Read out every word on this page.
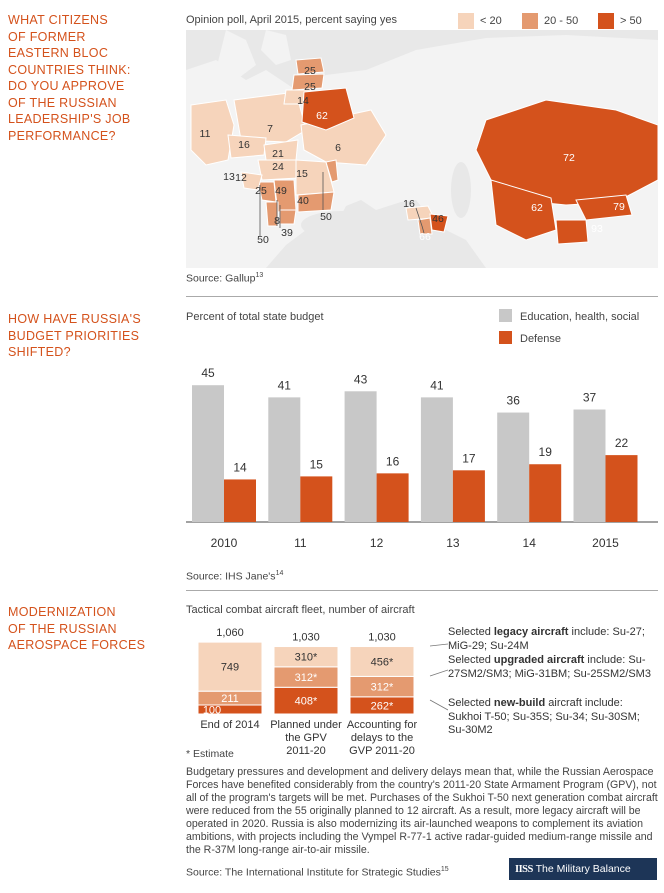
WHAT CITIZENS
OF FORMER
EASTERN BLOC
COUNTRIES THINK:
DO YOU APPROVE
OF THE RUSSIAN
LEADERSHIP'S JOB
PERFORMANCE?
Opinion poll, April 2015, percent saying yes	< 20	20 - 50	> 50
25
25
14
62
11	7
16
21
24
6
15
13 12
25 49
8
40
50
39
50
16
46
66
72
62	79
93
Source: Gallup$^{13}$
HOW HAVE RUSSIA'S
BUDGET PRIORITIES
SHIFTED?
Percent of total state budget	Education, health, social
Defense
45
14
2010
41
15
11
43
16
12
41
17
13
36
19
14
37
22
2015
Source: IHS $Jane's^{14}$
MODERNIZATION
OF THE RUSSIAN
AEROSPACE FORCES
Tactical combat aircraft fleet, number of aircraft
100
211
749
1,060
End of 2014
408*
312*
310*
1,030
Planned under
the GPV
2011-20
262*
312*
456*
1,030
Accounting for
delays to the
GVP 2011-20
Selected legacy aircraft include: Su-27; MiG-29; Su-24M
Selected upgraded aircraft include: Su-27SM2/SM3; MiG-31BM; Su-25SM2/SM3
Selected new-build aircraft include: Sukhoi T-50; Su-35S; Su-34; Su-30SM; Su-30M2
* Estimate
Budgetary pressures and development and delivery delays mean that, while the Russian Aerospace Forces have benefited considerably from the country's 2011-20 State Armament Program (GPV), not all of the program's targets will be met. Purchases of the Sukhoi T-50 next generation combat aircraft were reduced from the 55 originally planned to 12 aircraft. As a result, more legacy aircraft will be operated in 2020. Russia is also modernizing its air-launched weapons to complement its aviation ambitions, with projects including the Vympel R-77-1 active radar-guided medium-range missile and the R-37M long-range air-to-air missile.
Source: The International Institute for Strategic Studies$^{15}$	IISS The Military Balance
